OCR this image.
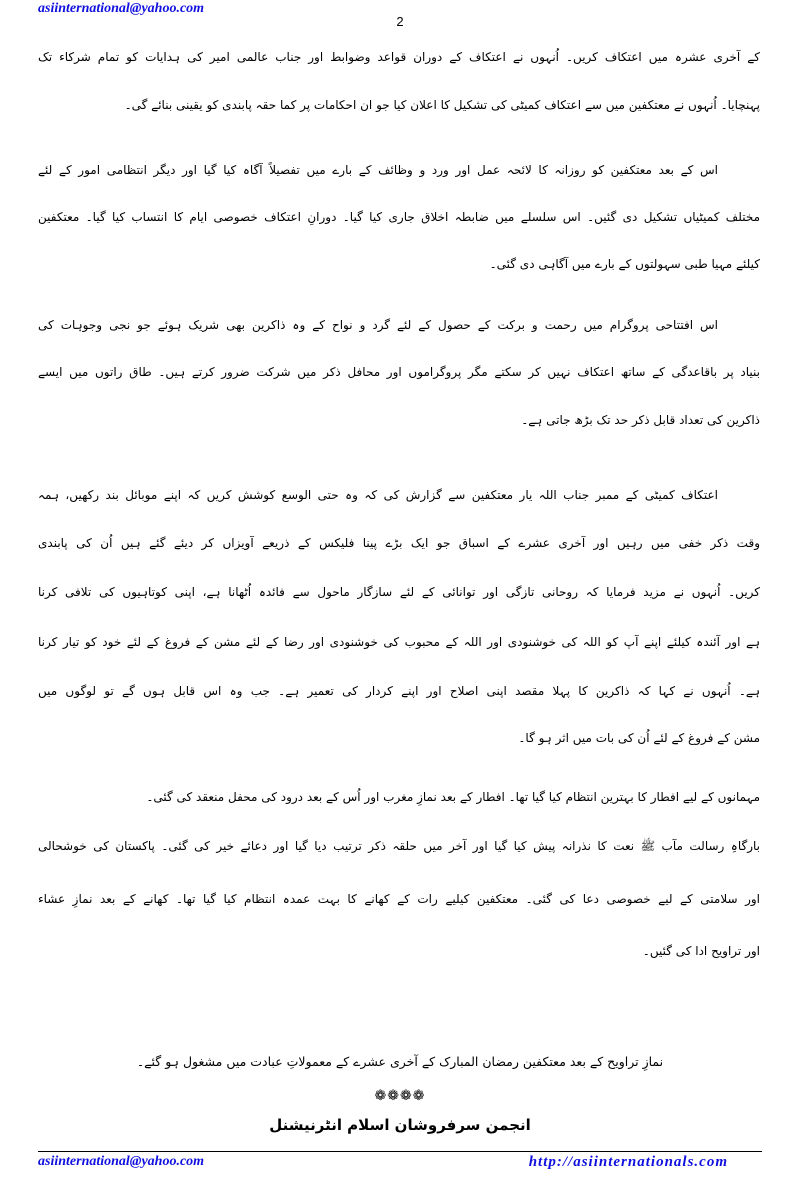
asiinternational@yahoo.com
2
کے آخری عشرہ میں اعتکاف کریں۔ اُنہوں نے اعتکاف کے دوران قواعد وضوابط اور جناب عالمی امیر کی ہدایات کو تمام شرکاء تک
پہنچایا۔ اُنہوں نے معتکفین میں سے اعتکاف کمیٹی کی تشکیل کا اعلان کیا جو ان احکامات پر کما حقہ پابندی کو یقینی بنائے گی۔
اس کے بعد معتکفین کو روزانہ کا لائحہ عمل اور ورد و وظائف کے بارے میں تفصیلاً آگاہ کیا گیا اور دیگر انتظامی امور کے لئے
مختلف کمیٹیاں تشکیل دی گئیں۔ اس سلسلے میں ضابطہ اخلاق جاری کیا گیا۔ دورانِ اعتکاف خصوصی ایام کا انتساب کیا گیا۔ معتکفین
کیلئے مہیا طبی سہولتوں کے بارے میں آگاہی دی گئی۔
اس افتتاحی پروگرام میں رحمت و برکت کے حصول کے لئے گرد و نواح کے وہ ذاکرین بھی شریک ہوئے جو نجی وجوہات کی
بنیاد پر باقاعدگی کے ساتھ اعتکاف نہیں کر سکتے مگر پروگراموں اور محافل ذکر میں شرکت ضرور کرتے ہیں۔ طاق راتوں میں ایسے
ذاکرین کی تعداد قابل ذکر حد تک بڑھ جاتی ہے۔
اعتکاف کمیٹی کے ممبر جناب اللہ یار معتکفین سے گزارش کی کہ وہ حتی الوسع کوشش کریں کہ اپنے موبائل بند رکھیں، ہمہ
وقت ذکر خفی میں رہیں اور آخری عشرے کے اسباق جو ایک بڑے پینا فلیکس کے ذریعے آویزاں کر دیئے گئے ہیں اُن کی پابندی
کریں۔ اُنہوں نے مزید فرمایا کہ روحانی تازگی اور توانائی کے لئے سازگار ماحول سے فائدہ اُٹھانا ہے، اپنی کوتاہیوں کی تلافی کرنا
ہے اور آئندہ کیلئے اپنے آپ کو اللہ کی خوشنودی اور اللہ کے محبوب کی خوشنودی اور رضا کے لئے مشن کے فروغ کے لئے خود کو تیار کرنا
ہے۔ اُنہوں نے کہا کہ ذاکرین کا پہلا مقصد اپنی اصلاح اور اپنے کردار کی تعمیر ہے۔ جب وہ اس قابل ہوں گے تو لوگوں میں
مشن کے فروغ کے لئے اُن کی بات میں اثر ہو گا۔
مہمانوں کے لیے افطار کا بہترین انتظام کیا گیا تھا۔ افطار کے بعد نمازِ مغرب اور اُس کے بعد درود کی محفل منعقد کی گئی۔
بارگاہِ رسالت مآب ﷺ نعت کا نذرانہ پیش کیا گیا اور آخر میں حلقہ ذکر ترتیب دیا گیا اور دعائے خیر کی گئی۔ پاکستان کی خوشحالی
اور سلامتی کے لیے خصوصی دعا کی گئی۔ معتکفین کیلیے رات کے کھانے کا بہت عمدہ انتظام کیا گیا تھا۔ کھانے کے بعد نمازِ عشاء
اور تراویح ادا کی گئیں۔
نمازِ تراویح کے بعد معتکفین رمضان المبارک کے آخری عشرے کے معمولاتِ عبادت میں مشغول ہو گئے۔
❁❁❁❁
انجمن سرفروشان اسلام انٹرنیشنل
asiinternational@yahoo.com	http://asiinternationals.com
